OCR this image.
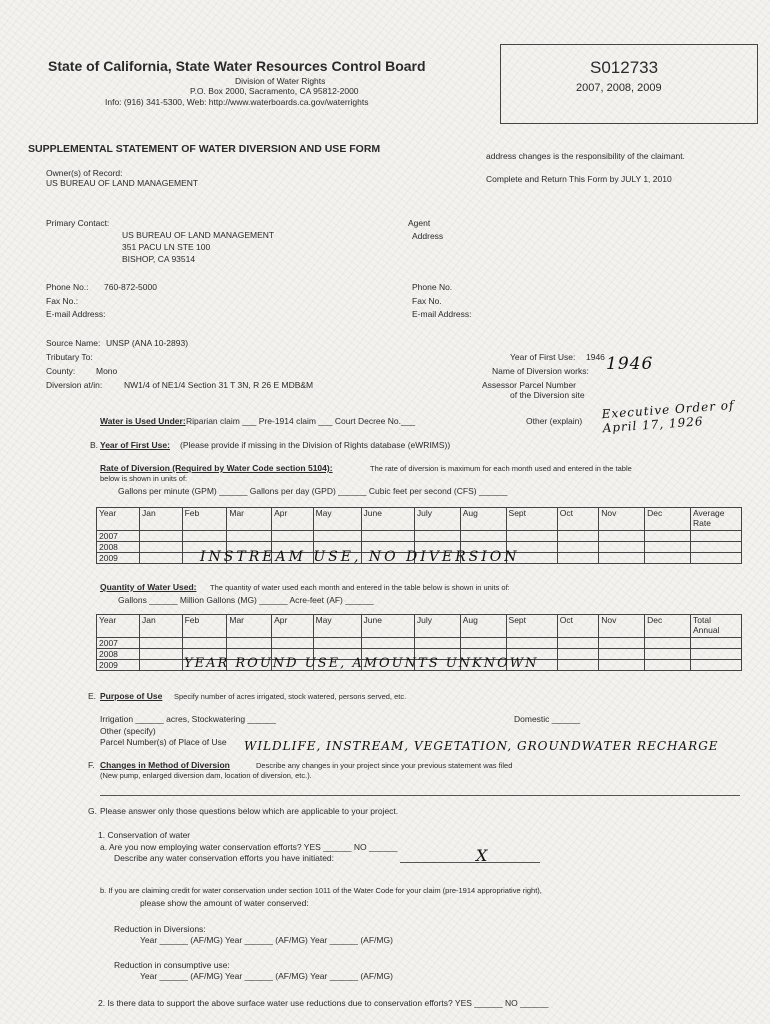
State of California, State Water Resources Control Board
Division of Water Rights
P.O. Box 2000, Sacramento, CA 95812-2000
Info: (916) 341-5300, Web: http://www.waterboards.ca.gov/waterrights
S012733
2007, 2008, 2009
SUPPLEMENTAL STATEMENT OF WATER DIVERSION AND USE FORM
address changes is the responsibility of the claimant.
Owner(s) of Record:
US BUREAU OF LAND MANAGEMENT	Complete and Return This Form by JULY 1, 2010
Primary Contact:
US BUREAU OF LAND MANAGEMENT
351 PACU LN STE 100
BISHOP, CA 93514
Agent
Address
Phone No.: 760-872-5000
Fax No.:
E-mail Address:
Phone No.
Fax No.
E-mail Address:
Source Name: UNSP (ANA 10-2893)
Tributary To:
County: Mono
Diversion at/in:	NW1/4 of NE1/4 Section 31 T 3N, R 26 E MDB&M
Year of First Use: 1946 1946
Name of Diversion works:
Assessor Parcel Number
of the Diversion site
Water is Used Under: Riparian claim ___ Pre-1914 claim ___ Court Decree No.___	Other (explain) Executive Order of April 17, 1926
B. Year of First Use: (Please provide if missing in the Division of Rights database (eWRIMS))
Rate of Diversion (Required by Water Code section 5104):	The rate of diversion is maximum for each month used and entered in the table
below is shown in units of:
Gallons per minute (GPM) ______ Gallons per day (GPD) ______ Cubic feet per second (CFS) ______
Year	Jan	Feb	Mar	Apr	May	June	July	Aug	Sept	Oct	Nov	Dec	Average Rate
2007													
2008													
2009														INSTREAM USE, NO DIVERSION
Quantity of Water Used: The quantity of water used each month and entered in the table below is shown in units of:
Gallons ______ Million Gallons (MG) ______ Acre-feet (AF) ______
Year	Jan	Feb	Mar	Apr	May	June	July	Aug	Sept	Oct	Nov	Dec	Total Annual
2007													
2008													
2009														YEAR ROUND USE, AMOUNTS UNKNOWN
E. Purpose of Use Specify number of acres irrigated, stock watered, persons served, etc.
Irrigation ______ acres, Stockwatering ______	Domestic ______
Other (specify)
Parcel Number(s) of Place of Use WILDLIFE, INSTREAM, VEGETATION, GROUNDWATER RECHARGE
F. Changes in Method of Diversion	Describe any changes in your project since your previous statement was filed
(New pump, enlarged diversion dam, location of diversion, etc.).
G. Please answer only those questions below which are applicable to your project.
1. Conservation of water
a. Are you now employing water conservation efforts? YES ______ NO ______
Describe any water conservation efforts you have initiated:	X
b. If you are claiming credit for water conservation under section 1011 of the Water Code for your claim (pre-1914 appropriative right),
please show the amount of water conserved:
Reduction in Diversions:
Year ______ (AF/MG) Year ______ (AF/MG) Year ______ (AF/MG)
Reduction in consumptive use:
Year ______ (AF/MG) Year ______ (AF/MG) Year ______ (AF/MG)
2. Is there data to support the above surface water use reductions due to conservation efforts? YES ______ NO ______
